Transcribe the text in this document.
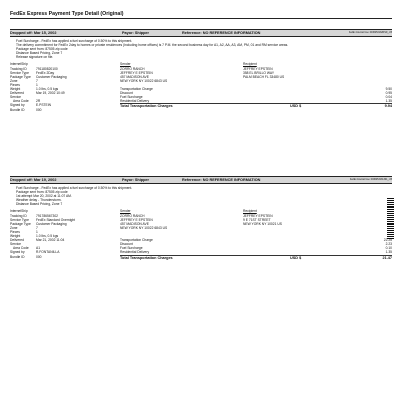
FedEx Express Payment Type Detail (Original)
Dropped off: Mar 15, 2002	Payor: Shipper	Reference: NO REFERENCE INFORMATION	FedEx Internal Use: 0036253132RSD_-05
Fuel Surcharge - FedEx has applied a fuel surcharge of 0.50% to this shipment.
The delivery commitment for FedEx 2day to homes or private residences (Including home offices) is 7 P.M. the second business day for A1, A2, AA, A3, AM, PM, 01 and RM service areas.
Package sent from: 87505 zip code
Distance Based Pricing, Zone 7
Release signature on file.
InternetShip
Tracking ID	791180820100
Service Type FedEx 2Day
Package Type Customer Packaging
Zone	7
Pieces	1
Weight	1.0 lbs, 0.5 kgs
Delivered	Mar 19, 2002 10:49
Service
Area Code 2R
Signed by	E.PSTEIN
Bundle ID	000
Sender
ZORRO RANCH
JEFFREY E EPSTEIN
457 MADISON AVE
NEW YORK NY 10022 6843 US
Recipient
JEFFREY EPSTEIN
358 EL BRILLO WAY
PALM BEACH FL 33480 US
Transportation Charge	9.50
Discount	0.95
Fuel Surcharge	0.04
Residential Delivery	1.35
Total Transportation Charges	USD $	9.94
Dropped off: Mar 19, 2002	Payor: Shipper	Reference: NO REFERENCE INFORMATION	FedEx Internal Use: 0036253131301_-05
Fuel Surcharge - FedEx has applied a fuel surcharge of 0.50% to this shipment.
Package sent from: 87505 zip code
1st attempt Mar 20, 2002 at 11:07 AM.
Weather delay - Thunderstorm.
Distance Based Pricing, Zone 7
InternetShip
Tracking ID	791786567302
Service Type FedEx Standard Overnight
Package Type Customer Packaging
Zone	7
Pieces	1
Weight	1.0 lbs, 0.5 kgs
Delivered	Mar 21, 2002 11:04
Service
Area Code A1
Signed by	R.FONTANILLA
Bundle ID	000
Sender
ZORRO RANCH
JEFFREY E EPSTEIN
457 MADISON AVE
NEW YORK NY 10022 6843 US
Recipient
JEFFREY EPSTEIN
9 E 71ST STREET
NEW YORK NY 10021 US
Transportation Charge	22.25
Discount	2.23
Fuel Surcharge	0.10
Residential Delivery	1.35
Total Transportation Charges	USD $	21.47
